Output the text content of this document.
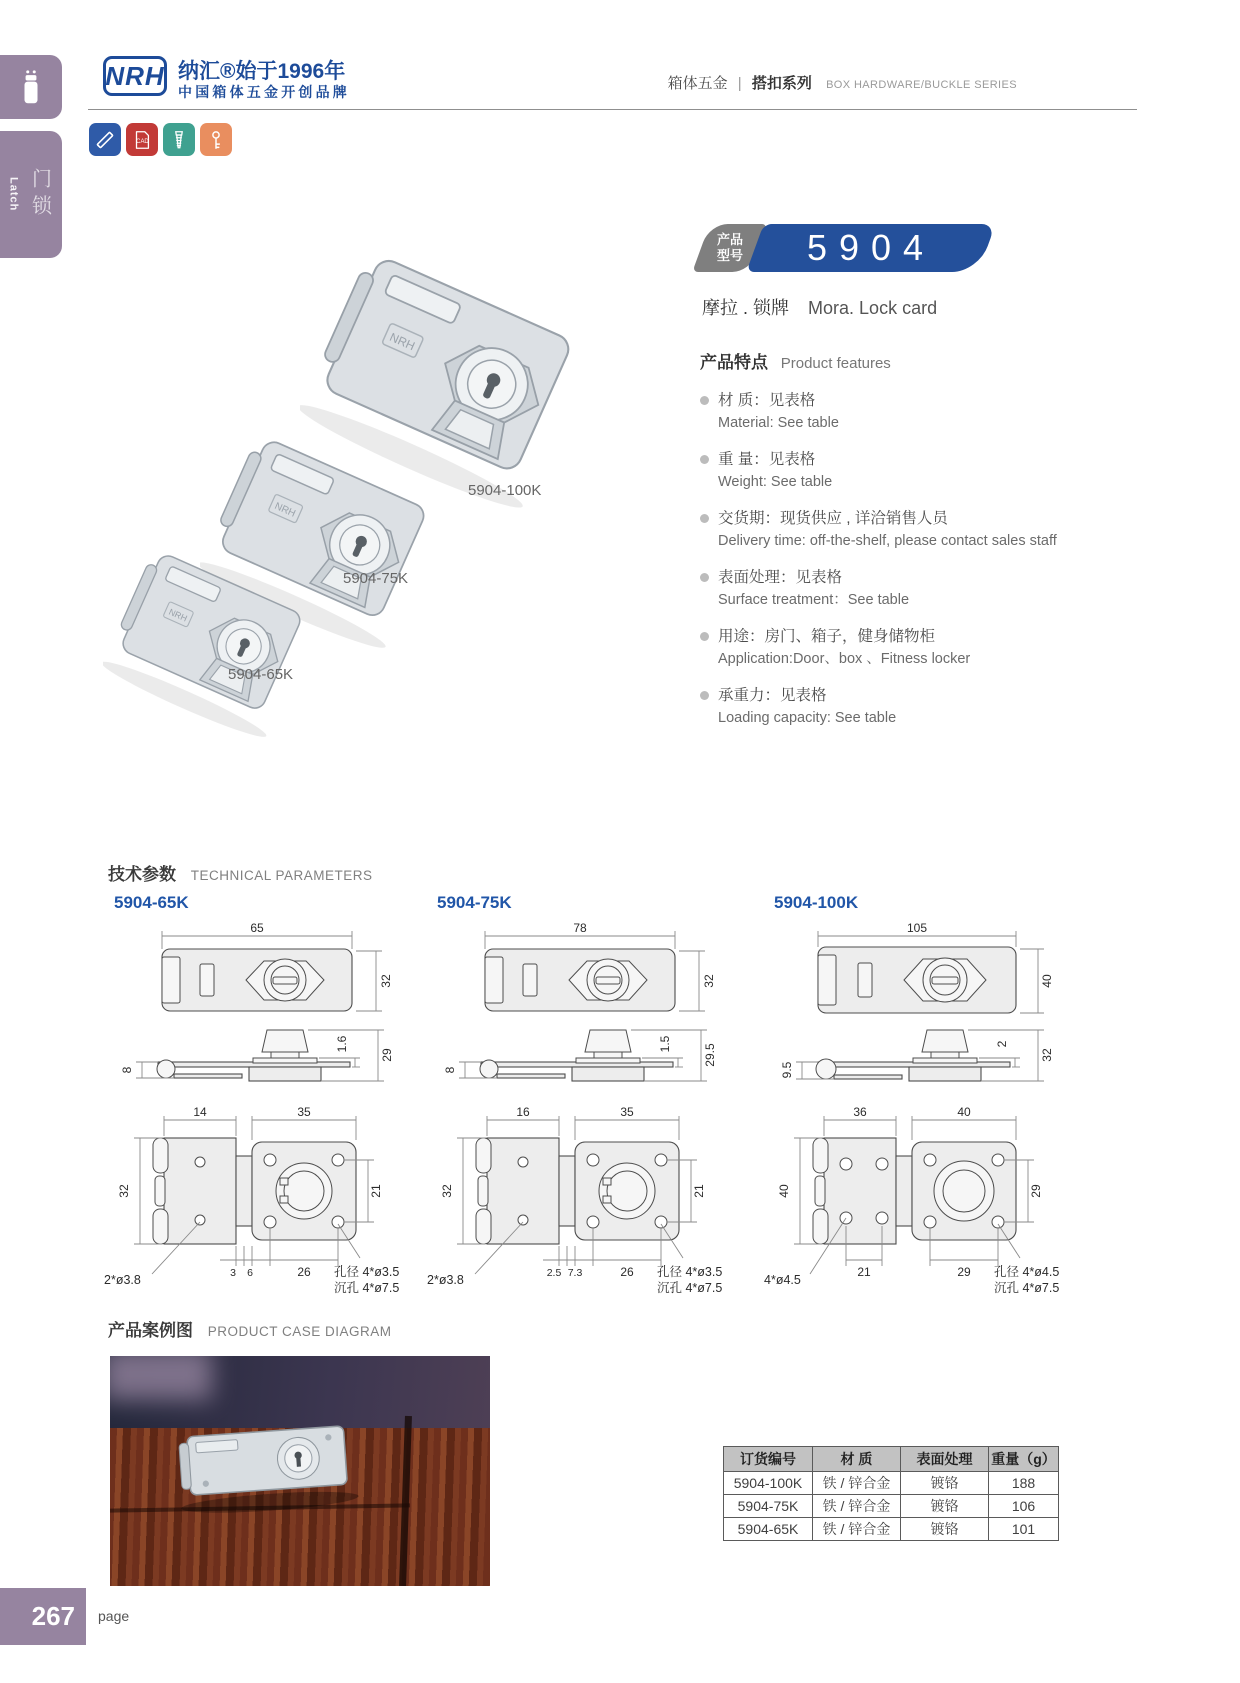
Latch 门锁
NRH 纳汇®始于1996年
中国箱体五金开创品牌	箱体五金 | 搭扣系列 BOX HARDWARE/BUCKLE SERIES
CAD
NRH
NRH
NRH
5904-100K
5904-75K
5904-65K
产品
型号	5904
摩拉 . 锁牌 Mora. Lock card
产品特点 Product features
材 质：见表格
Material: See table
重 量：见表格
Weight: See table
交货期：现货供应 , 详洽销售人员
Delivery time: off-the-shelf, please contact sales staff
表面处理：见表格
Surface treatment：See table
用途：房门、箱子，健身储物柜
Application:Door、box 、Fitness locker
承重力：见表格
Loading capacity: See table
技术参数 TECHNICAL PARAMETERS
5904-65K
65
32
8
1.6
29
14	35
32	21
26
3 6
2*ø3.8
孔径 4*ø3.5
沉孔 4*ø7.5
5904-75K
78
32
8
1.5	29.5
16	35
32	21
26
2.5 7.3
2*ø3.8
孔径 4*ø3.5
沉孔 4*ø7.5
5904-100K
105
40
9.5
2
32
36	40
40	29
21	29
4*ø4.5
孔径 4*ø4.5
沉孔 4*ø7.5
产品案例图 PRODUCT CASE DIAGRAM
订货编号	材 质	表面处理	重量（g）
5904-100K	铁 / 锌合金	镀铬	188
5904-75K	铁 / 锌合金	镀铬	106
5904-65K	铁 / 锌合金	镀铬	101
267 page
